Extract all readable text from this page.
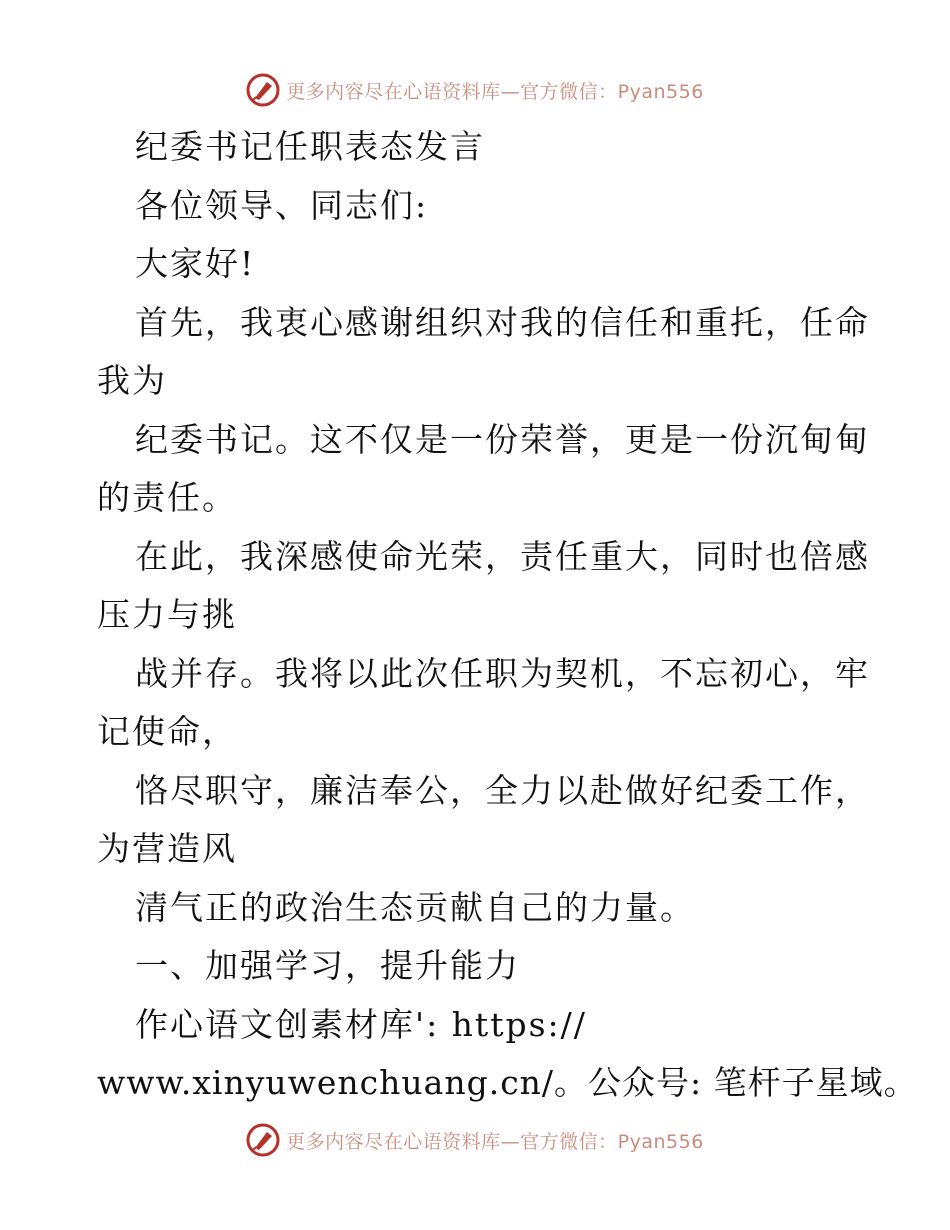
更多内容尽在心语资料库—官方微信：Pyan556
纪委书记任职表态发言
各位领导、同志们:
大家好!
首先，我衷心感谢组织对我的信任和重托，任命
我为
纪委书记。这不仅是一份荣誉，更是一份沉甸甸
的责任。
在此，我深感使命光荣，责任重大，同时也倍感
压力与挑
战并存。我将以此次任职为契机，不忘初心，牢
记使命，
恪尽职守，廉洁奉公，全力以赴做好纪委工作，
为营造风
清气正的政治生态贡献自己的力量。
一、加强学习，提升能力
作心语文创素材库': https://
www.xinyuwenchuang.cn/。公众号: 笔杆子星域。
更多内容尽在心语资料库—官方微信：Pyan556
